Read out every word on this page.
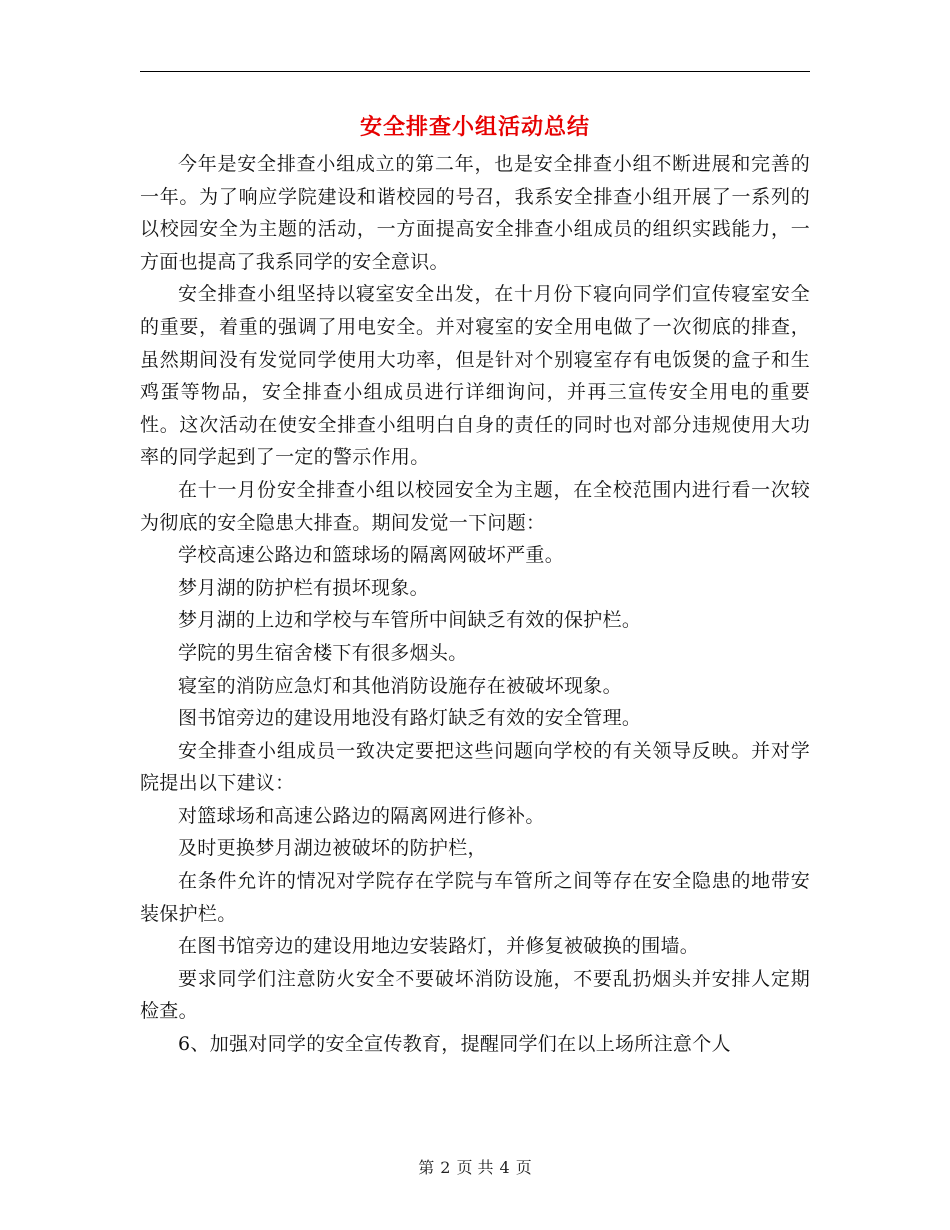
安全排查小组活动总结

今年是安全排查小组成立的第二年，也是安全排查小组不断进展和完善的一年。为了响应学院建设和谐校园的号召，我系安全排查小组开展了一系列的以校园安全为主题的活动，一方面提高安全排查小组成员的组织实践能力，一方面也提高了我系同学的安全意识。

安全排查小组坚持以寝室安全出发，在十月份下寝向同学们宣传寝室安全的重要，着重的强调了用电安全。并对寝室的安全用电做了一次彻底的排查，虽然期间没有发觉同学使用大功率，但是针对个别寝室存有电饭煲的盒子和生鸡蛋等物品，安全排查小组成员进行详细询问，并再三宣传安全用电的重要性。这次活动在使安全排查小组明白自身的责任的同时也对部分违规使用大功率的同学起到了一定的警示作用。

在十一月份安全排查小组以校园安全为主题，在全校范围内进行看一次较为彻底的安全隐患大排查。期间发觉一下问题：

学校高速公路边和篮球场的隔离网破坏严重。

梦月湖的防护栏有损坏现象。

梦月湖的上边和学校与车管所中间缺乏有效的保护栏。

学院的男生宿舍楼下有很多烟头。

寝室的消防应急灯和其他消防设施存在被破坏现象。

图书馆旁边的建设用地没有路灯缺乏有效的安全管理。

安全排查小组成员一致决定要把这些问题向学校的有关领导反映。并对学院提出以下建议：

对篮球场和高速公路边的隔离网进行修补。

及时更换梦月湖边被破坏的防护栏，

在条件允许的情况对学院存在学院与车管所之间等存在安全隐患的地带安装保护栏。

在图书馆旁边的建设用地边安装路灯，并修复被破换的围墙。

要求同学们注意防火安全不要破坏消防设施，不要乱扔烟头并安排人定期检查。

6、加强对同学的安全宣传教育，提醒同学们在以上场所注意个人

第 2 页 共 4 页
